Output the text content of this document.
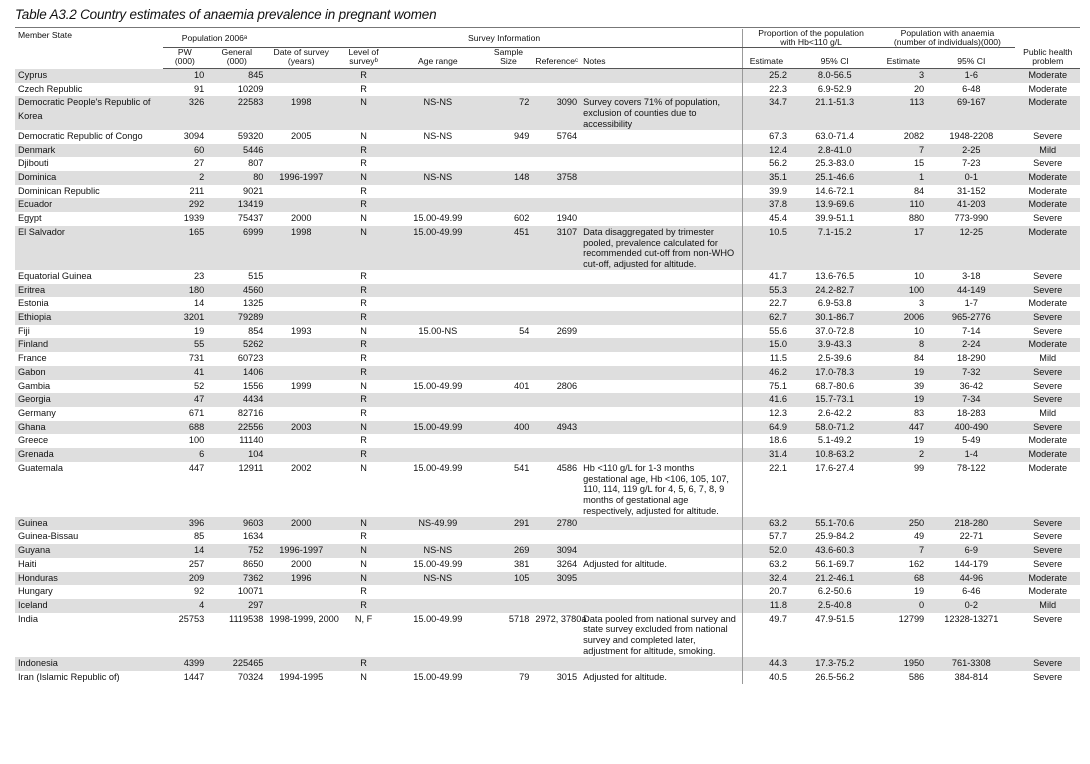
Table A3.2 Country estimates of anaemia prevalence in pregnant women
Member State	Population 2006ᵃ		Survey Information						Proportion of the population
with Hb<110 g/L		Population with anaemia
(number of individuals)(000)		
	PW
(000)	General
(000)	Date of survey
(years)	Level of
surveyᵇ	Age range	Sample
Size	Referenceᶜ	Notes	Estimate	95% CI	Estimate	95% CI	Public health
problem
Cyprus	10	845		R					25.2	8.0-56.5	3	1-6	Moderate
Czech Republic	91	10209		R					22.3	6.9-52.9	20	6-48	Moderate
Democratic People's Republic of Korea	326	22583	1998	N	NS-NS	72	3090	Survey covers 71% of population, exclusion of counties due to accessibility	34.7	21.1-51.3	113	69-167	Moderate
Democratic Republic of Congo	3094	59320	2005	N	NS-NS	949	5764		67.3	63.0-71.4	2082	1948-2208	Severe
Denmark	60	5446		R					12.4	2.8-41.0	7	2-25	Mild
Djibouti	27	807		R					56.2	25.3-83.0	15	7-23	Severe
Dominica	2	80	1996-1997	N	NS-NS	148	3758		35.1	25.1-46.6	1	0-1	Moderate
Dominican Republic	211	9021		R					39.9	14.6-72.1	84	31-152	Moderate
Ecuador	292	13419		R					37.8	13.9-69.6	110	41-203	Moderate
Egypt	1939	75437	2000	N	15.00-49.99	602	1940		45.4	39.9-51.1	880	773-990	Severe
El Salvador	165	6999	1998	N	15.00-49.99	451	3107	Data disaggregated by trimester pooled, prevalence calculated for recommended cut-off from non-WHO cut-off, adjusted for altitude.	10.5	7.1-15.2	17	12-25	Moderate
Equatorial Guinea	23	515		R					41.7	13.6-76.5	10	3-18	Severe
Eritrea	180	4560		R					55.3	24.2-82.7	100	44-149	Severe
Estonia	14	1325		R					22.7	6.9-53.8	3	1-7	Moderate
Ethiopia	3201	79289		R					62.7	30.1-86.7	2006	965-2776	Severe
Fiji	19	854	1993	N	15.00-NS	54	2699		55.6	37.0-72.8	10	7-14	Severe
Finland	55	5262		R					15.0	3.9-43.3	8	2-24	Moderate
France	731	60723		R					11.5	2.5-39.6	84	18-290	Mild
Gabon	41	1406		R					46.2	17.0-78.3	19	7-32	Severe
Gambia	52	1556	1999	N	15.00-49.99	401	2806		75.1	68.7-80.6	39	36-42	Severe
Georgia	47	4434		R					41.6	15.7-73.1	19	7-34	Severe
Germany	671	82716		R					12.3	2.6-42.2	83	18-283	Mild
Ghana	688	22556	2003	N	15.00-49.99	400	4943		64.9	58.0-71.2	447	400-490	Severe
Greece	100	11140		R					18.6	5.1-49.2	19	5-49	Moderate
Grenada	6	104		R					31.4	10.8-63.2	2	1-4	Moderate
Guatemala	447	12911	2002	N	15.00-49.99	541	4586	Hb <110 g/L for 1-3 months gestational age, Hb <106, 105, 107, 110, 114, 119 g/L for 4, 5, 6, 7, 8, 9 months of gestational age respectively, adjusted for altitude.	22.1	17.6-27.4	99	78-122	Moderate
Guinea	396	9603	2000	N	NS-49.99	291	2780		63.2	55.1-70.6	250	218-280	Severe
Guinea-Bissau	85	1634		R					57.7	25.9-84.2	49	22-71	Severe
Guyana	14	752	1996-1997	N	NS-NS	269	3094		52.0	43.6-60.3	7	6-9	Severe
Haiti	257	8650	2000	N	15.00-49.99	381	3264	Adjusted for altitude.	63.2	56.1-69.7	162	144-179	Severe
Honduras	209	7362	1996	N	NS-NS	105	3095		32.4	21.2-46.1	68	44-96	Moderate
Hungary	92	10071		R					20.7	6.2-50.6	19	6-46	Moderate
Iceland	4	297		R					11.8	2.5-40.8	0	0-2	Mild
India	25753	1119538	1998-1999, 2000	N, F	15.00-49.99	5718	2972, 3780a	Data pooled from national survey and state survey excluded from national survey and completed later, adjustment for altitude, smoking.	49.7	47.9-51.5	12799	12328-13271	Severe
Indonesia	4399	225465		R					44.3	17.3-75.2	1950	761-3308	Severe
Iran (Islamic Republic of)	1447	70324	1994-1995	N	15.00-49.99	79	3015	Adjusted for altitude.	40.5	26.5-56.2	586	384-814	Severe
